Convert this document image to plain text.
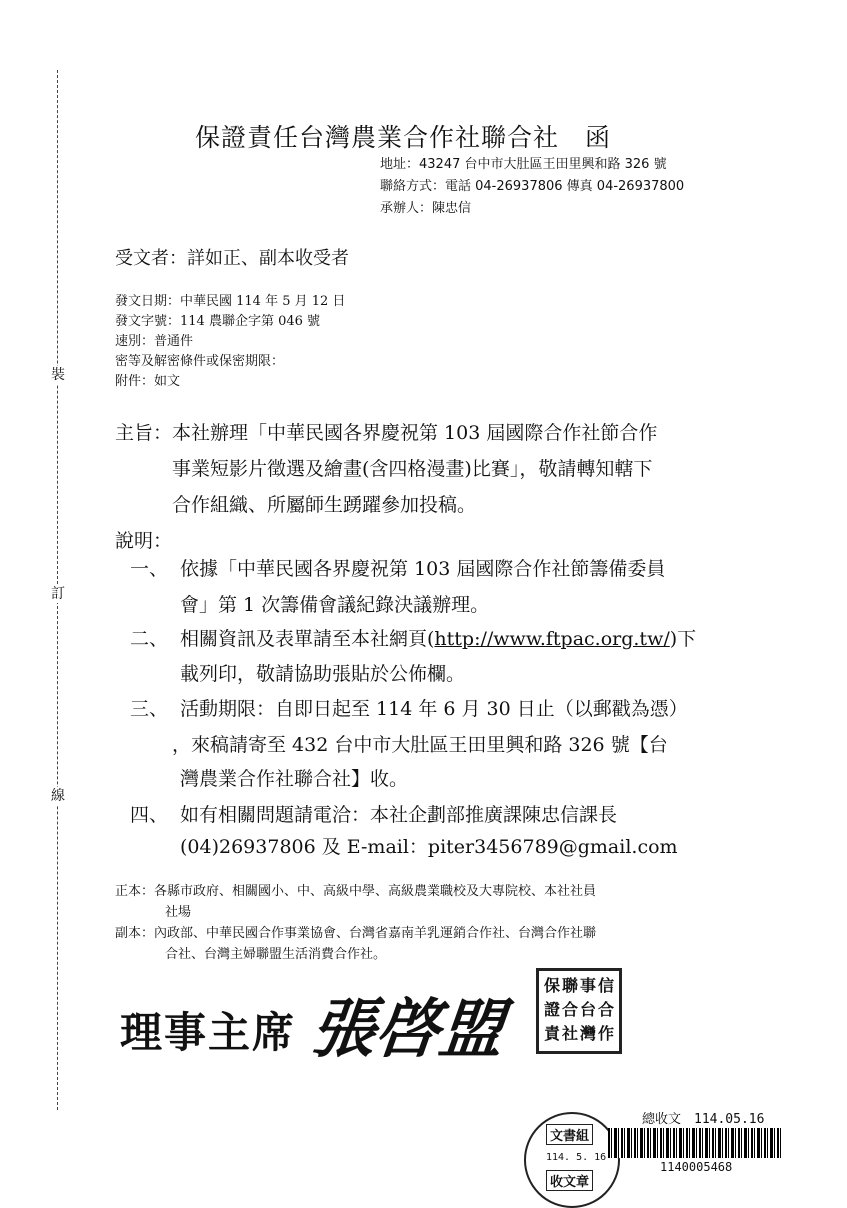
裝
訂
線
保證責任台灣農業合作社聯合社　函
地址：43247 台中市大肚區王田里興和路 326 號
聯絡方式：電話 04-26937806 傳真 04-26937800
承辦人：陳忠信
受文者：詳如正、副本收受者
發文日期：中華民國 114 年 5 月 12 日
發文字號：114 農聯企字第 046 號
速別：普通件
密等及解密條件或保密期限：
附件：如文
主旨：本社辦理「中華民國各界慶祝第 103 屆國際合作社節合作
事業短影片徵選及繪畫(含四格漫畫)比賽」，敬請轉知轄下
合作組織、所屬師生踴躍參加投稿。
說明：
一、 依據「中華民國各界慶祝第 103 屆國際合作社節籌備委員
會」第 1 次籌備會議紀錄決議辦理。
二、 相關資訊及表單請至本社網頁(http://www.ftpac.org.tw/)下
載列印，敬請協助張貼於公佈欄。
三、 活動期限：自即日起至 114 年 6 月 30 日止（以郵戳為憑）
，來稿請寄至 432 台中市大肚區王田里興和路 326 號【台
灣農業合作社聯合社】收。
四、 如有相關問題請電洽：本社企劃部推廣課陳忠信課長
(04)26937806 及 E-mail：piter3456789@gmail.com
正本：各縣市政府、相關國小、中、高級中學、高級農業職校及大專院校、本社社員
社場
副本：內政部、中華民國合作事業協會、台灣省嘉南羊乳運銷合作社、台灣合作社聯
合社、台灣主婦聯盟生活消費合作社。
理事主席 張啓盟
保 聯 事 信
證 合 台 合
責 社 灣 作
文書組
114. 5. 16
收文章
總收文　114.05.16
1140005468
